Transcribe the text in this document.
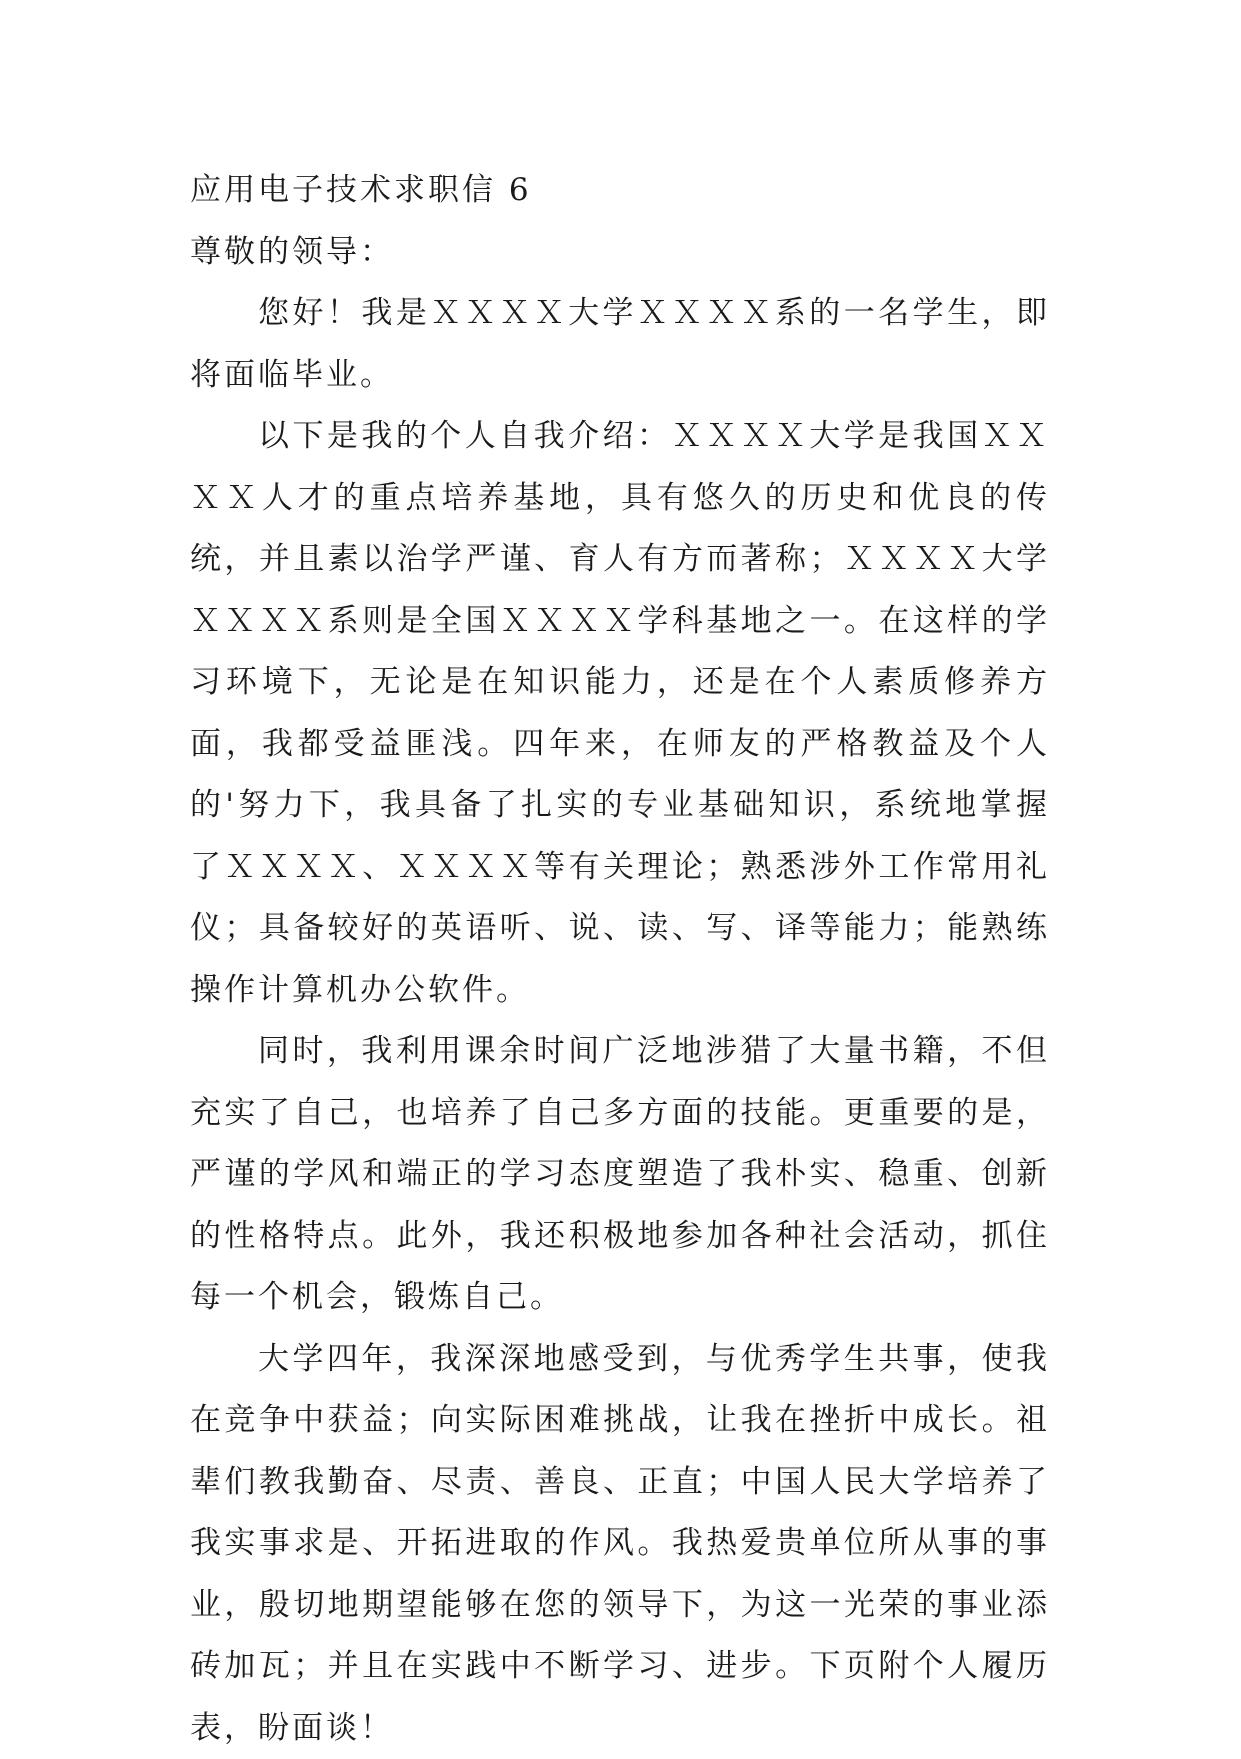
应用电子技术求职信 6

尊敬的领导：

您好！我是ＸＸＸＸ大学ＸＸＸＸ系的一名学生，即将面临毕业。

以下是我的个人自我介绍：ＸＸＸＸ大学是我国ＸＸＸＸ人才的重点培养基地，具有悠久的历史和优良的传统，并且素以治学严谨、育人有方而著称；ＸＸＸＸ大学ＸＸＸＸ系则是全国ＸＸＸＸ学科基地之一。在这样的学习环境下，无论是在知识能力，还是在个人素质修养方面，我都受益匪浅。四年来，在师友的严格教益及个人的'努力下，我具备了扎实的专业基础知识，系统地掌握了ＸＸＸＸ、ＸＸＸＸ等有关理论；熟悉涉外工作常用礼仪；具备较好的英语听、说、读、写、译等能力；能熟练操作计算机办公软件。

同时，我利用课余时间广泛地涉猎了大量书籍，不但充实了自己，也培养了自己多方面的技能。更重要的是，严谨的学风和端正的学习态度塑造了我朴实、稳重、创新的性格特点。此外，我还积极地参加各种社会活动，抓住每一个机会，锻炼自己。

大学四年，我深深地感受到，与优秀学生共事，使我在竞争中获益；向实际困难挑战，让我在挫折中成长。祖辈们教我勤奋、尽责、善良、正直；中国人民大学培养了我实事求是、开拓进取的作风。我热爱贵单位所从事的事业，殷切地期望能够在您的领导下，为这一光荣的事业添砖加瓦；并且在实践中不断学习、进步。下页附个人履历表，盼面谈！
